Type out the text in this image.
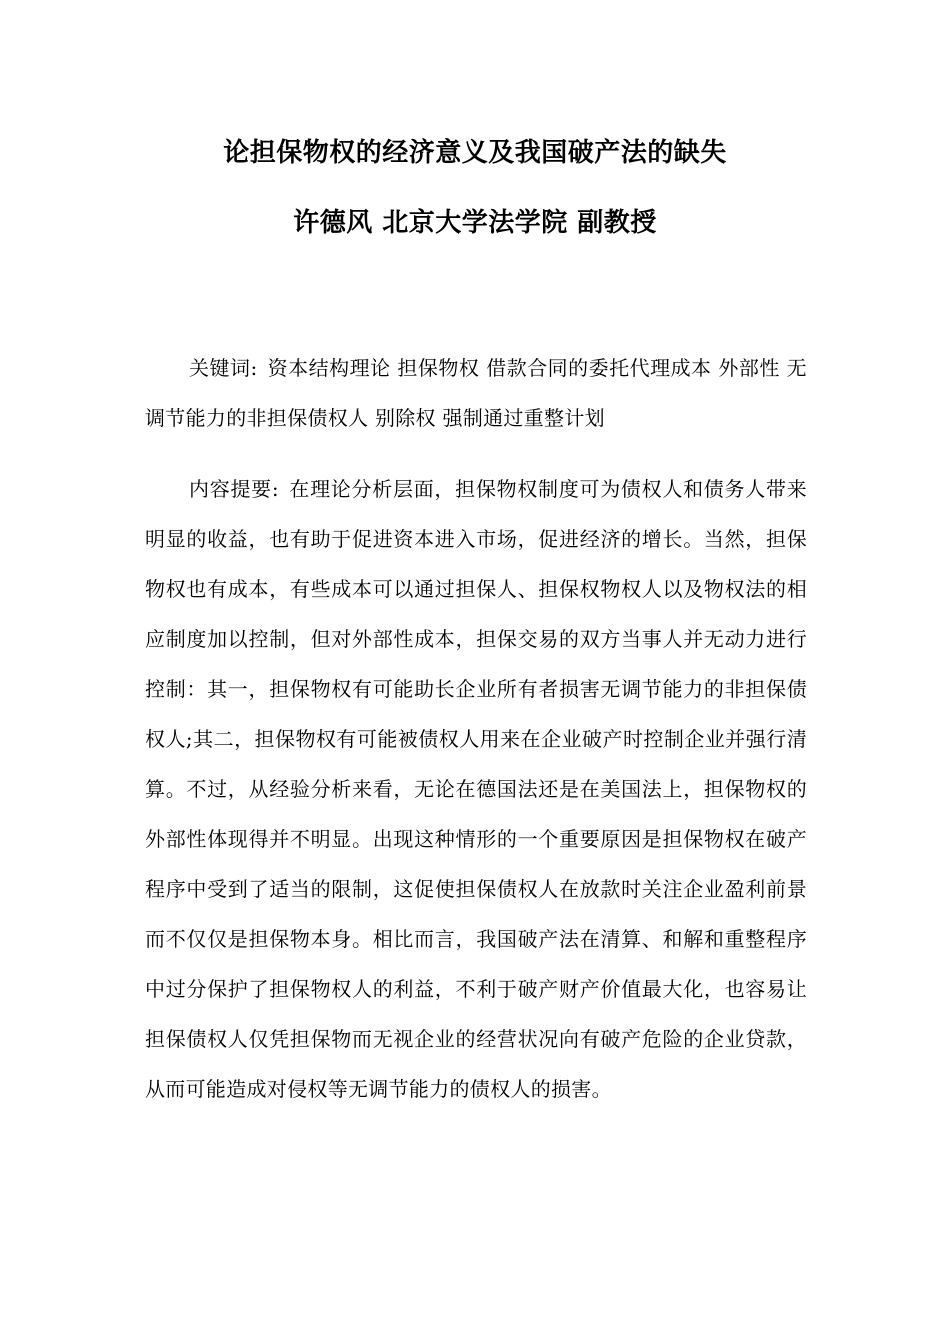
论担保物权的经济意义及我国破产法的缺失
许德风 北京大学法学院 副教授

关键词: 资本结构理论 担保物权 借款合同的委托代理成本 外部性 无调节能力的非担保债权人 别除权 强制通过重整计划

内容提要: 在理论分析层面，担保物权制度可为债权人和债务人带来明显的收益，也有助于促进资本进入市场，促进经济的增长。当然，担保物权也有成本，有些成本可以通过担保人、担保权物权人以及物权法的相应制度加以控制，但对外部性成本，担保交易的双方当事人并无动力进行控制：其一，担保物权有可能助长企业所有者损害无调节能力的非担保债权人;其二，担保物权有可能被债权人用来在企业破产时控制企业并强行清算。不过，从经验分析来看，无论在德国法还是在美国法上，担保物权的外部性体现得并不明显。出现这种情形的一个重要原因是担保物权在破产程序中受到了适当的限制，这促使担保债权人在放款时关注企业盈利前景而不仅仅是担保物本身。相比而言，我国破产法在清算、和解和重整程序中过分保护了担保物权人的利益，不利于破产财产价值最大化，也容易让担保债权人仅凭担保物而无视企业的经营状况向有破产危险的企业贷款，从而可能造成对侵权等无调节能力的债权人的损害。
